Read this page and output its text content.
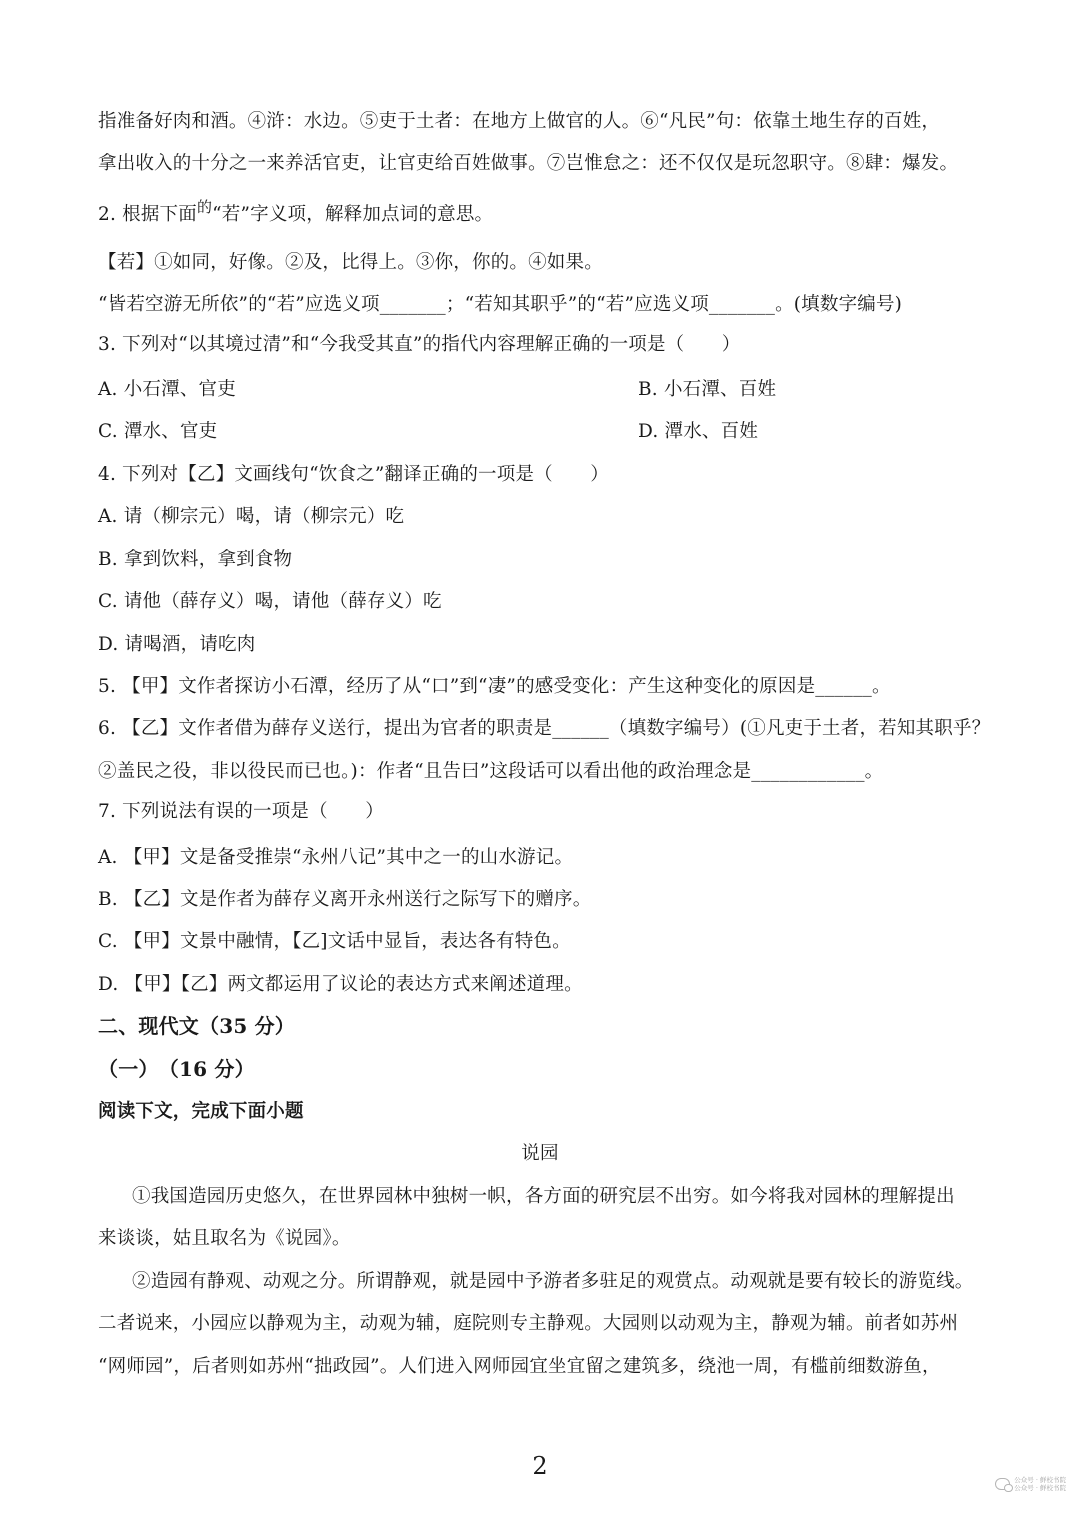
指准备好肉和酒。④浒：水边。⑤吏于土者：在地方上做官的人。⑥“凡民”句：依靠土地生存的百姓，
拿出收入的十分之一来养活官吏，让官吏给百姓做事。⑦岂惟怠之：还不仅仅是玩忽职守。⑧肆：爆发。
2. 根据下面$^的$“若”字义项，解释加点词的意思。
【若】①如同，好像。②及，比得上。③你，你的。④如果。
“皆若空游无所依”的“若”应选义项_______；“若知其职乎”的“若”应选义项_______。(填数字编号)
3. 下列对“以其境过清”和“今我受其直”的指代内容理解正确的一项是（　　）
A. 小石潭、官吏	B. 小石潭、百姓
C. 潭水、官吏	D. 潭水、百姓
4. 下列对【乙】文画线句“饮食之”翻译正确的一项是（　　）
A. 请（柳宗元）喝，请（柳宗元）吃
B. 拿到饮料，拿到食物
C. 请他（薛存义）喝，请他（薛存义）吃
D. 请喝酒，请吃肉
5. 【甲】文作者探访小石潭，经历了从“口”到“凄”的感受变化：产生这种变化的原因是______。
6. 【乙】文作者借为薛存义送行，提出为官者的职责是______（填数字编号）(①凡吏于土者，若知其职乎？
②盖民之役，非以役民而已也。)：作者“且告曰”这段话可以看出他的政治理念是____________。
7. 下列说法有误的一项是（　　）
A. 【甲】文是备受推崇“永州八记”其中之一的山水游记。
B. 【乙】文是作者为薛存义离开永州送行之际写下的赠序。
C. 【甲】文景中融情，【乙]文话中显旨，表达各有特色。
D. 【甲】【乙】两文都运用了议论的表达方式来阐述道理。
二、现代文（35 分）
（一）　（16 分）
阅读下文，完成下面小题
说园
①我国造园历史悠久，在世界园林中独树一帜，各方面的研究层不出穷。如今将我对园林的理解提出
来谈谈，姑且取名为《说园》。
②造园有静观、动观之分。所谓静观，就是园中予游者多驻足的观赏点。动观就是要有较长的游览线。
二者说来，小园应以静观为主，动观为辅，庭院则专主静观。大园则以动观为主，静观为辅。前者如苏州
“网师园”，后者则如苏州“拙政园”。人们进入网师园宜坐宜留之建筑多，绕池一周，有槛前细数游鱼，
2	公众号 · 鲜校书院
公众号 · 鲜校书院
